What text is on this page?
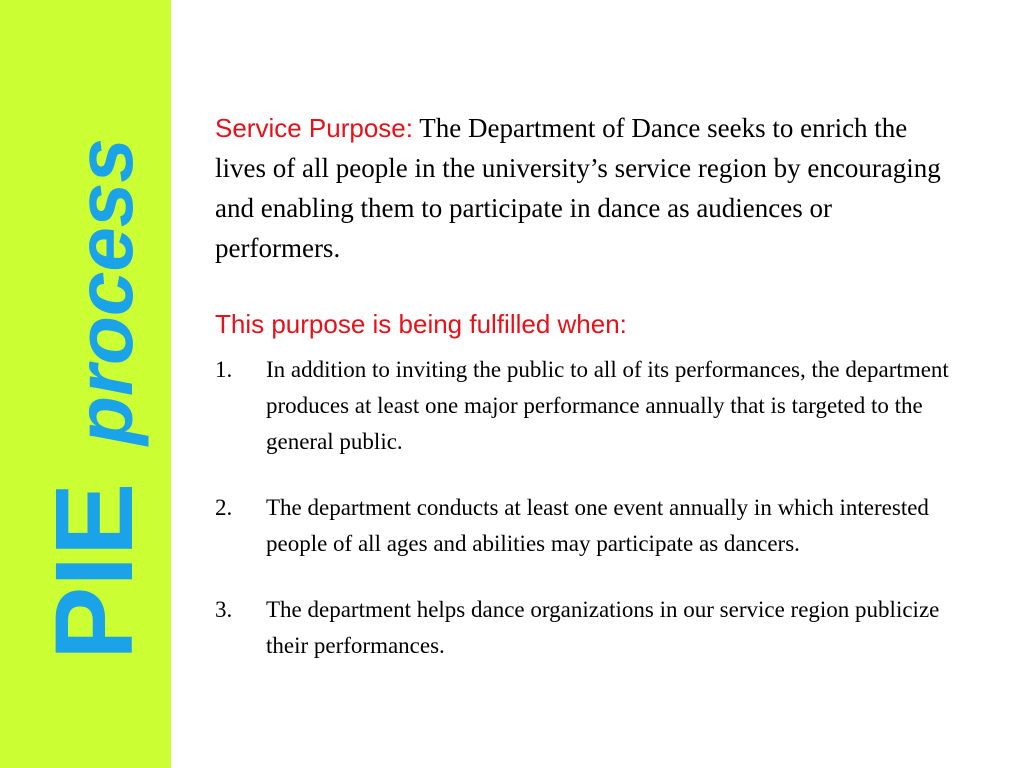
PIE
process

Service Purpose: The Department of Dance seeks to enrich the lives of all people in the university’s service region by encouraging and enabling them to participate in dance as audiences or performers.

This purpose is being fulfilled when:
1.	In addition to inviting the public to all of its performances, the department produces at least one major performance annually that is targeted to the general public.
2.	The department conducts at least one event annually in which interested people of all ages and abilities may participate as dancers.
3.	The department helps dance organizations in our service region publicize their performances.
